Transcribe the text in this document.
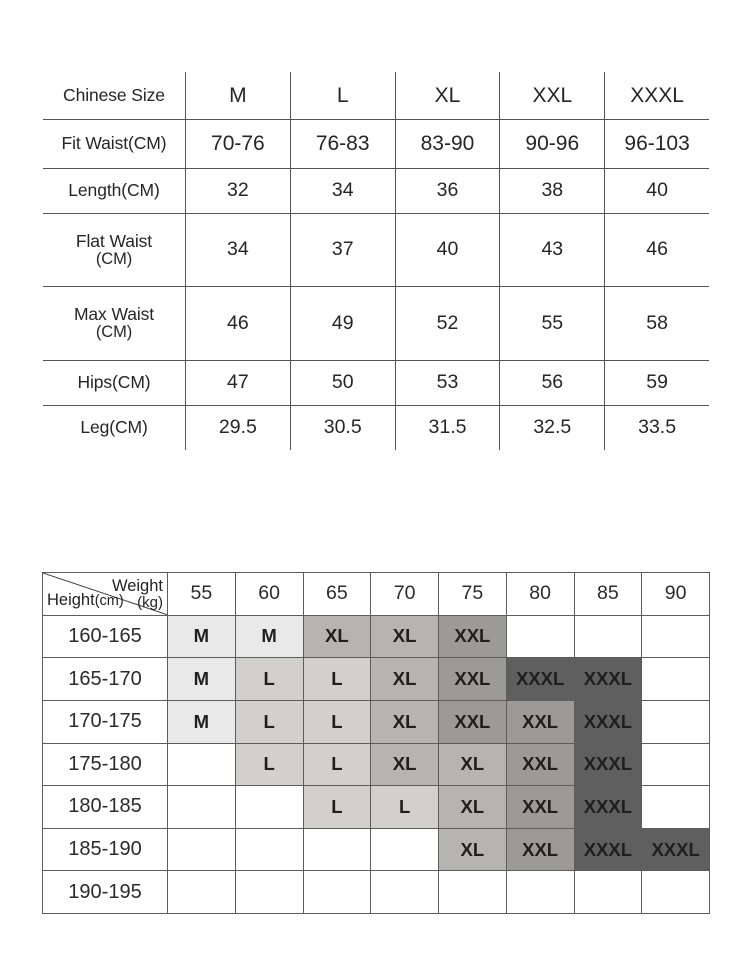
Chinese Size	M	L	XL	XXL	XXXL
Fit Waist(CM)	70-76	76-83	83-90	90-96	96-103
Length(CM)	32	34	36	38	40
Flat Waist
(CM)	34	37	40	43	46
Max Waist
(CM)	46	49	52	55	58
Hips(CM)	47	50	53	56	59
Leg(CM)	29.5	30.5	31.5	32.5	33.5
Weight
(kg)
Height(cm)	55	60	65	70	75	80	85	90
160-165	M	M	XL	XL	XXL			
165-170	M	L	L	XL	XXL	XXXL	XXXL	
170-175	M	L	L	XL	XXL	XXL	XXXL	
175-180		L	L	XL	XL	XXL	XXXL	
180-185			L	L	XL	XXL	XXXL	
185-190					XL	XXL	XXXL	XXXL
190-195								
